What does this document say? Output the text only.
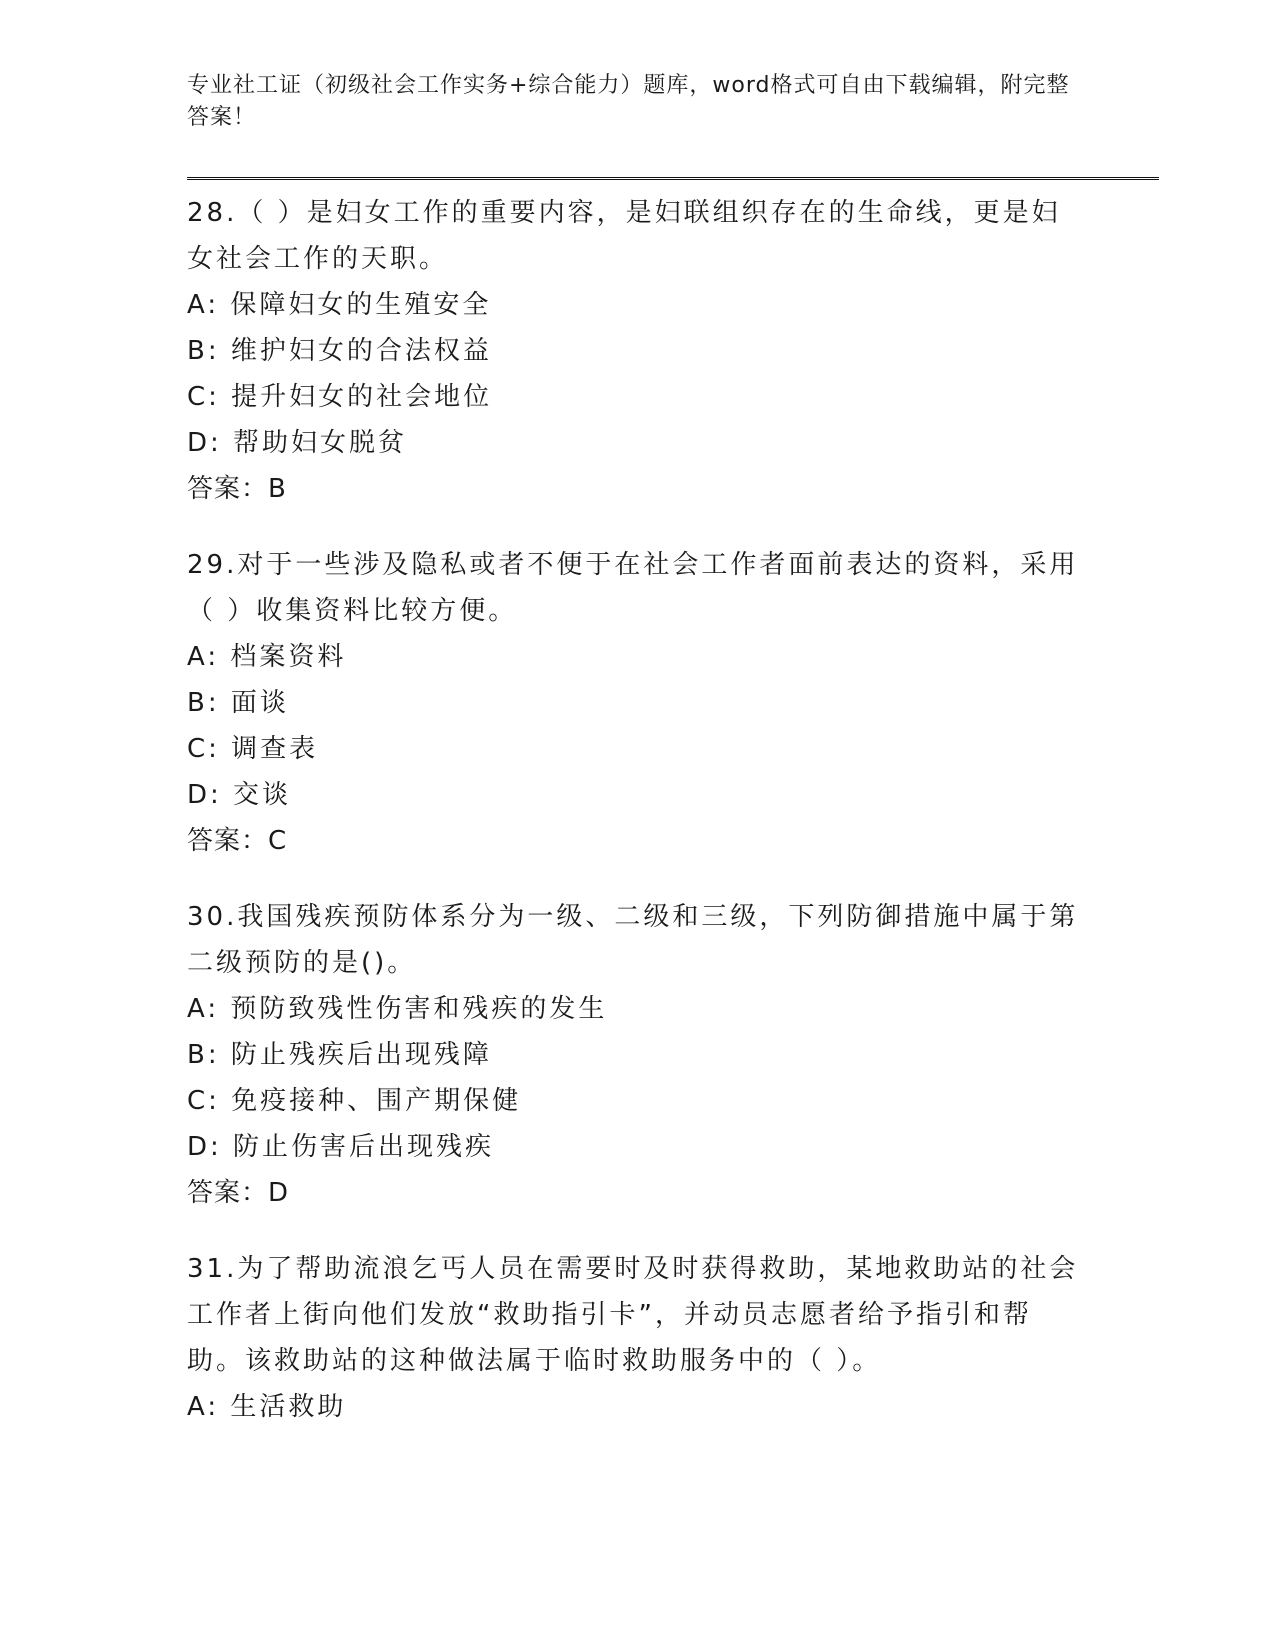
专业社工证（初级社会工作实务+综合能力）题库，word格式可自由下载编辑，附完整答案！

28.（ ）是妇女工作的重要内容，是妇联组织存在的生命线，更是妇女社会工作的天职。

A: 保障妇女的生殖安全

B: 维护妇女的合法权益

C: 提升妇女的社会地位

D: 帮助妇女脱贫

答案：B

29.对于一些涉及隐私或者不便于在社会工作者面前表达的资料，采用（ ）收集资料比较方便。

A: 档案资料

B: 面谈

C: 调查表

D: 交谈

答案：C

30.我国残疾预防体系分为一级、二级和三级，下列防御措施中属于第二级预防的是()。

A: 预防致残性伤害和残疾的发生

B: 防止残疾后出现残障

C: 免疫接种、围产期保健

D: 防止伤害后出现残疾

答案：D

31.为了帮助流浪乞丐人员在需要时及时获得救助，某地救助站的社会工作者上街向他们发放“救助指引卡”，并动员志愿者给予指引和帮助。该救助站的这种做法属于临时救助服务中的（ ）。

A: 生活救助
